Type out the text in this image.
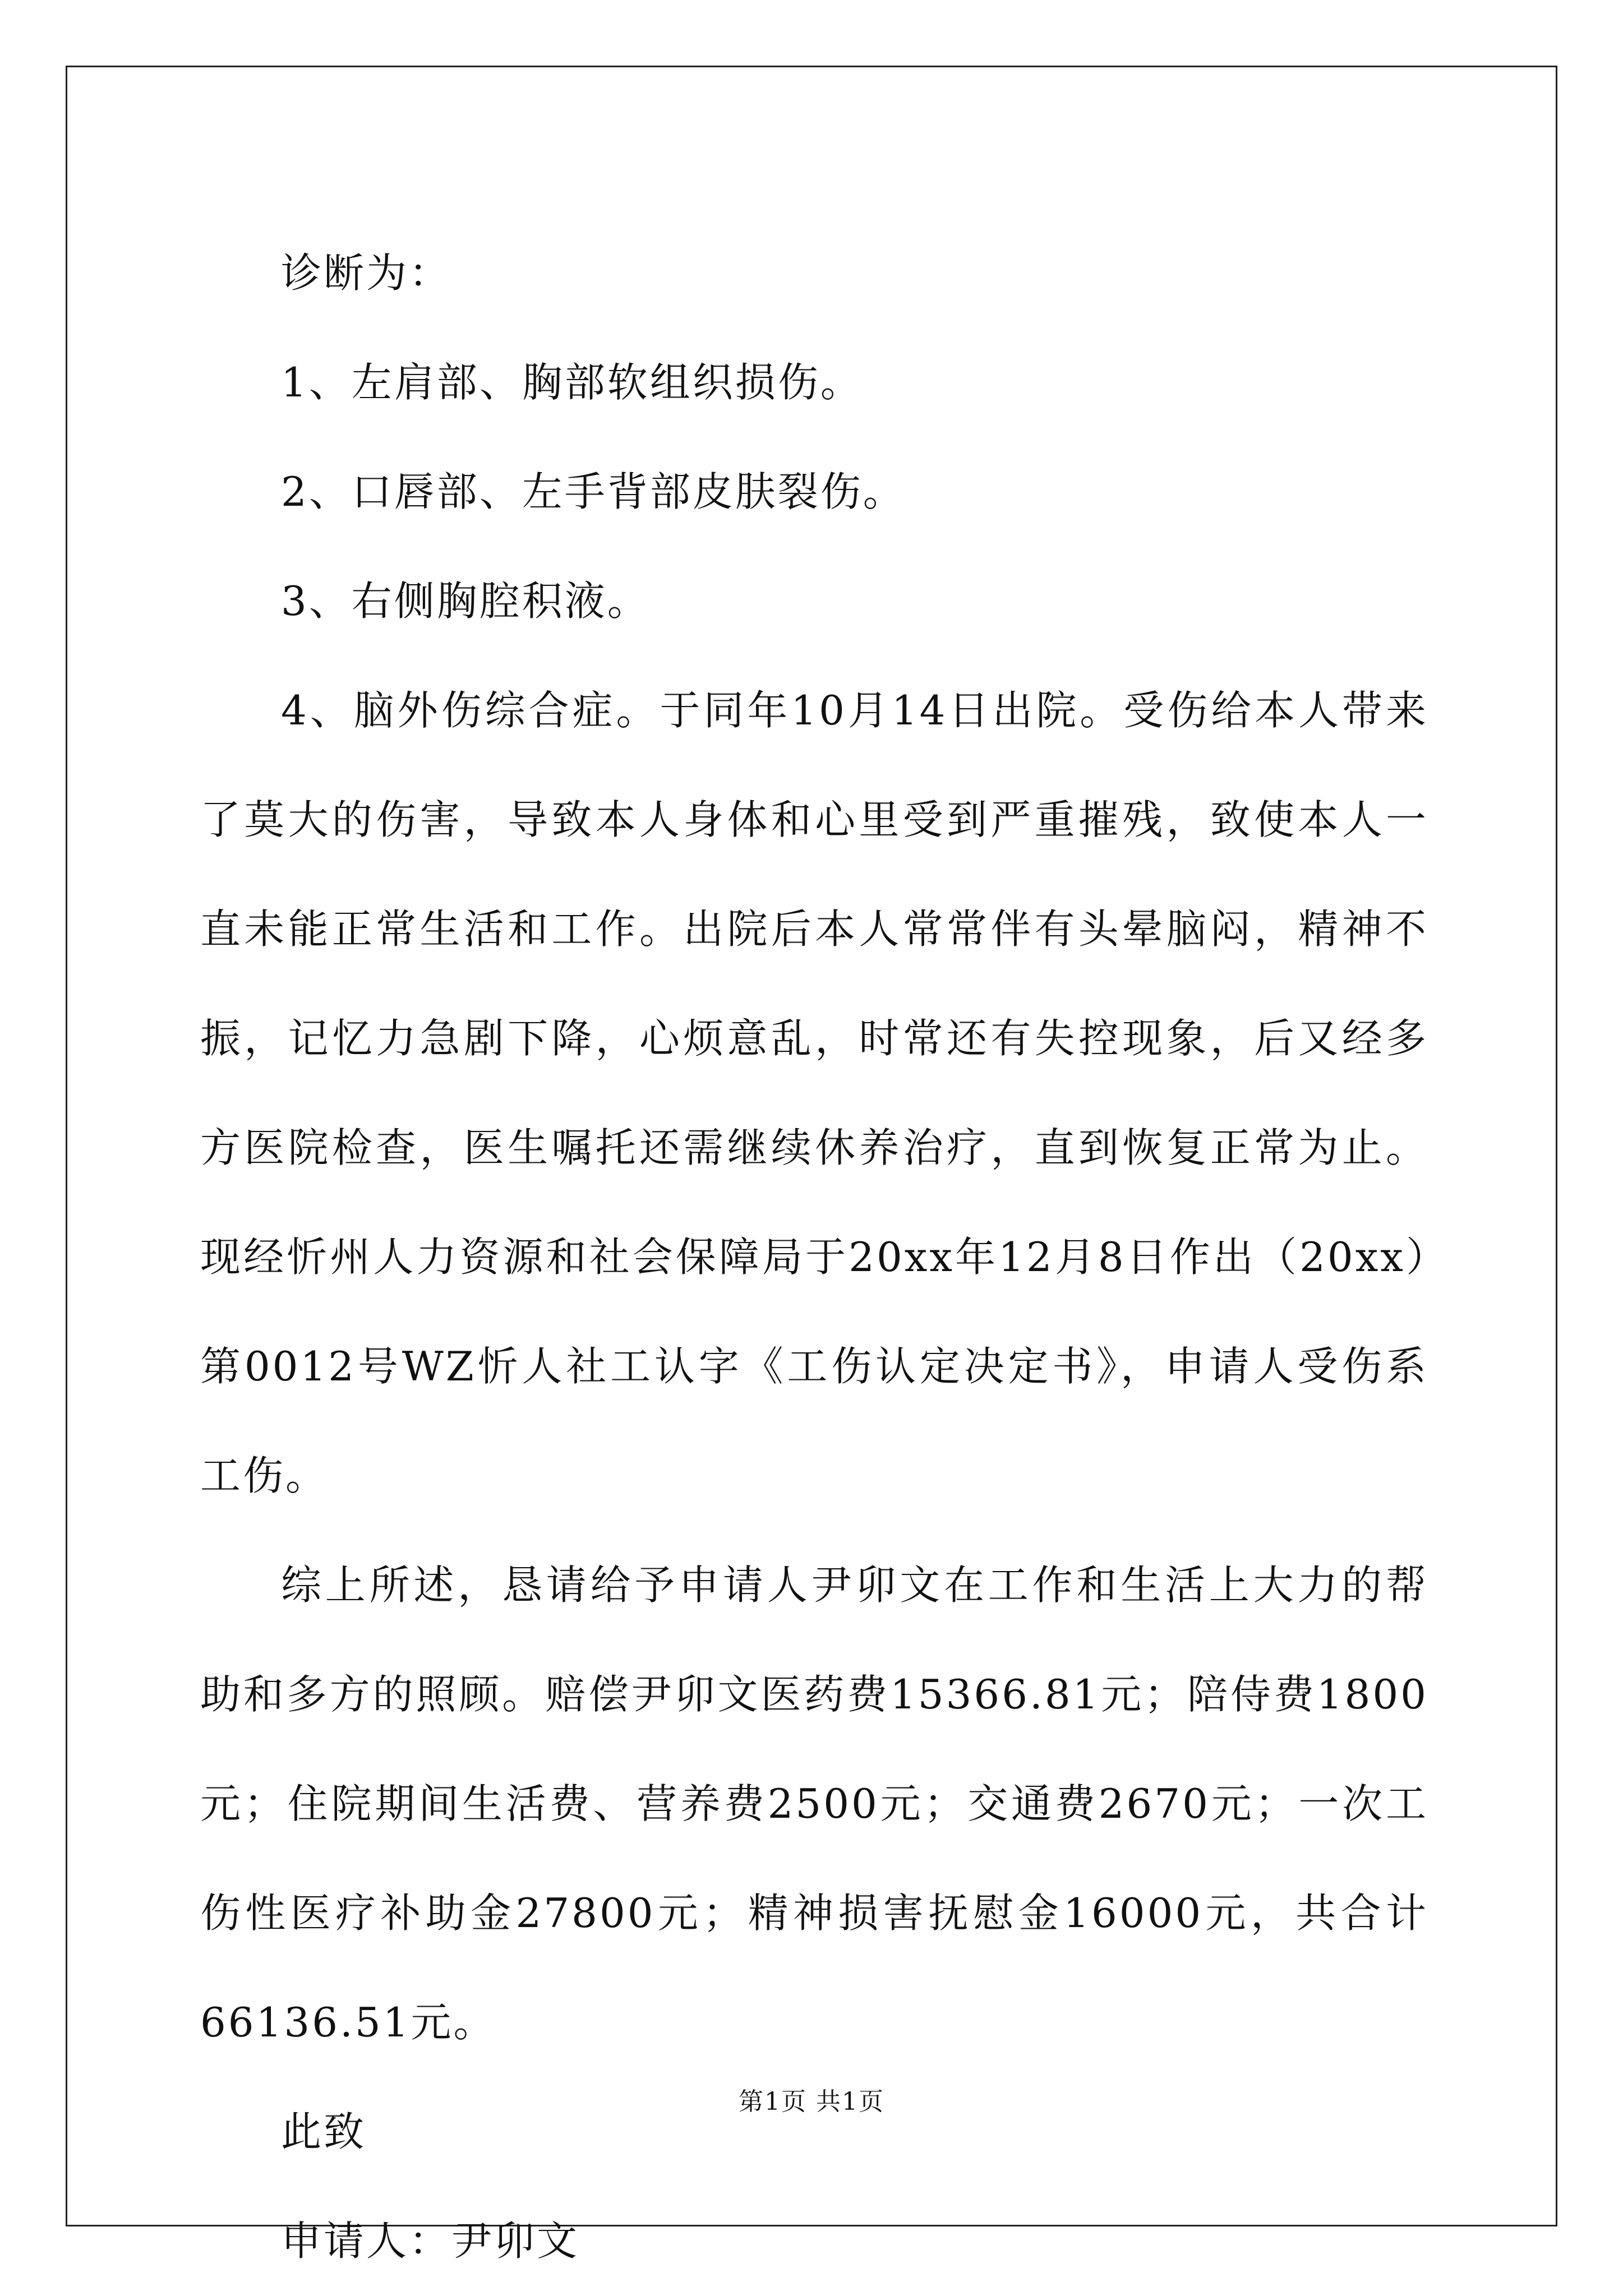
诊断为：

1、左肩部、胸部软组织损伤。

2、口唇部、左手背部皮肤裂伤。

3、右侧胸腔积液。

4、脑外伤综合症。于同年10月14日出院。受伤给本人带来了莫大的伤害，导致本人身体和心里受到严重摧残，致使本人一直未能正常生活和工作。出院后本人常常伴有头晕脑闷，精神不振，记忆力急剧下降，心烦意乱，时常还有失控现象，后又经多方医院检查，医生嘱托还需继续休养治疗，直到恢复正常为止。现经忻州人力资源和社会保障局于20xx年12月8日作出（20xx）第0012号WZ忻人社工认字《工伤认定决定书》，申请人受伤系工伤。

综上所述，恳请给予申请人尹卯文在工作和生活上大力的帮助和多方的照顾。赔偿尹卯文医药费15366.81元；陪侍费1800元；住院期间生活费、营养费2500元；交通费2670元；一次工伤性医疗补助金27800元；精神损害抚慰金16000元，共合计66136.51元。

此致

申请人：尹卯文

第1页 共1页
